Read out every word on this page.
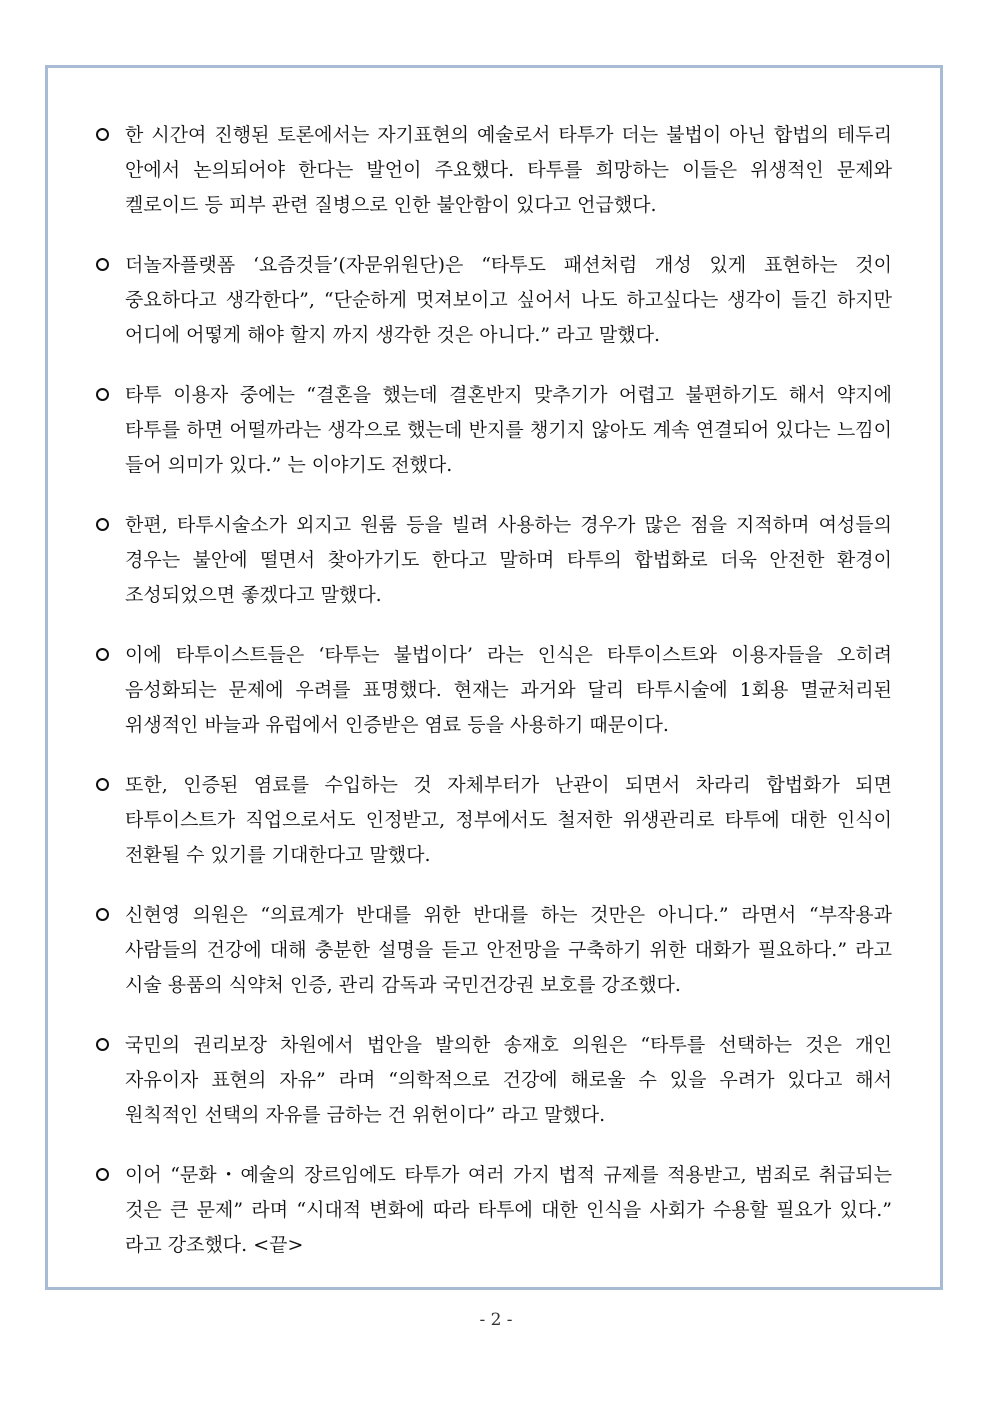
한 시간여 진행된 토론에서는 자기표현의 예술로서 타투가 더는 불법이 아닌 합법의 테두리 안에서 논의되어야 한다는 발언이 주요했다. 타투를 희망하는 이들은 위생적인 문제와 켈로이드 등 피부 관련 질병으로 인한 불안함이 있다고 언급했다.
더놀자플랫폼 ‘요즘것들’(자문위원단)은 “타투도 패션처럼 개성 있게 표현하는 것이 중요하다고 생각한다”, “단순하게 멋져보이고 싶어서 나도 하고싶다는 생각이 들긴 하지만 어디에 어떻게 해야 할지 까지 생각한 것은 아니다.” 라고 말했다.
타투 이용자 중에는 “결혼을 했는데 결혼반지 맞추기가 어렵고 불편하기도 해서 약지에 타투를 하면 어떨까라는 생각으로 했는데 반지를 챙기지 않아도 계속 연결되어 있다는 느낌이 들어 의미가 있다.” 는 이야기도 전했다.
한편, 타투시술소가 외지고 원룸 등을 빌려 사용하는 경우가 많은 점을 지적하며 여성들의 경우는 불안에 떨면서 찾아가기도 한다고 말하며 타투의 합법화로 더욱 안전한 환경이 조성되었으면 좋겠다고 말했다.
이에 타투이스트들은 ‘타투는 불법이다’ 라는 인식은 타투이스트와 이용자들을 오히려 음성화되는 문제에 우려를 표명했다. 현재는 과거와 달리 타투시술에 1회용 멸균처리된 위생적인 바늘과 유럽에서 인증받은 염료 등을 사용하기 때문이다.
또한, 인증된 염료를 수입하는 것 자체부터가 난관이 되면서 차라리 합법화가 되면 타투이스트가 직업으로서도 인정받고, 정부에서도 철저한 위생관리로 타투에 대한 인식이 전환될 수 있기를 기대한다고 말했다.
신현영 의원은 “의료계가 반대를 위한 반대를 하는 것만은 아니다.” 라면서 “부작용과 사람들의 건강에 대해 충분한 설명을 듣고 안전망을 구축하기 위한 대화가 필요하다.” 라고 시술 용품의 식약처 인증, 관리 감독과 국민건강권 보호를 강조했다.
국민의 권리보장 차원에서 법안을 발의한 송재호 의원은 “타투를 선택하는 것은 개인 자유이자 표현의 자유” 라며 “의학적으로 건강에 해로울 수 있을 우려가 있다고 해서 원칙적인 선택의 자유를 금하는 건 위헌이다” 라고 말했다.
이어 “문화・예술의 장르임에도 타투가 여러 가지 법적 규제를 적용받고, 범죄로 취급되는 것은 큰 문제” 라며 “시대적 변화에 따라 타투에 대한 인식을 사회가 수용할 필요가 있다.” 라고 강조했다. <끝>
- 2 -
